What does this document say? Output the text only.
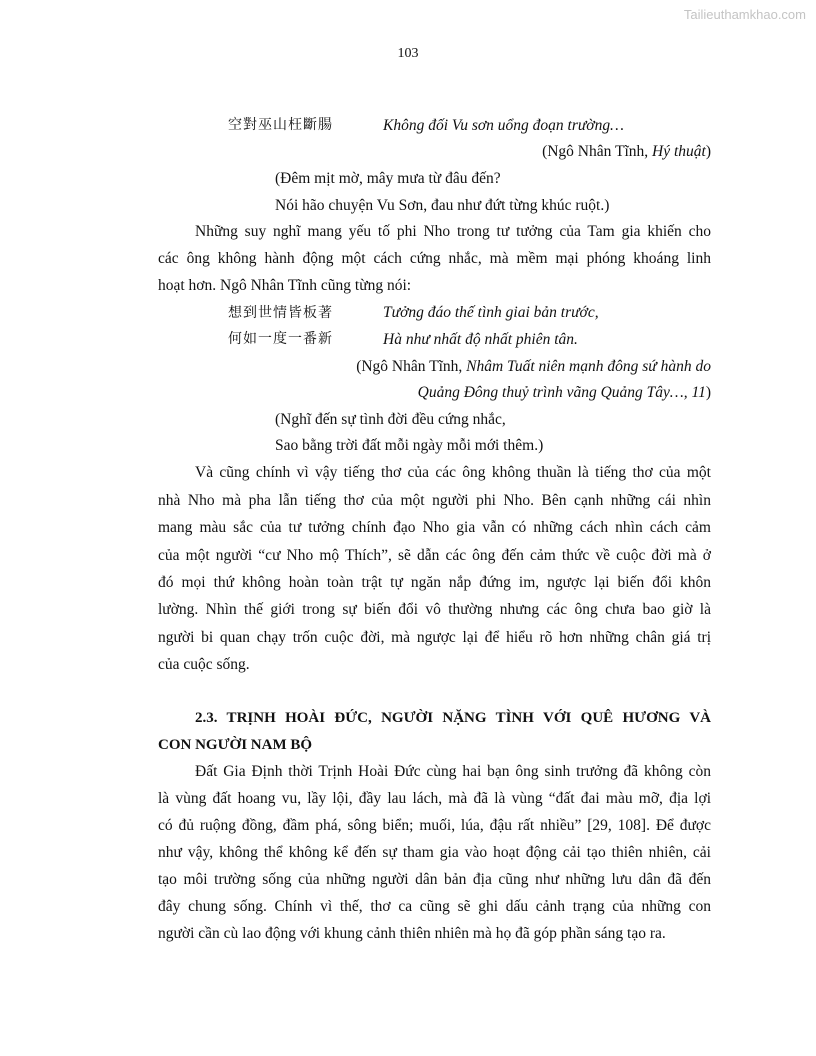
Tailieuthamkhao.com
103
空對巫山枉斷腸	Không đối Vu sơn uổng đoạn trường…
(Ngô Nhân Tĩnh, Hý thuật)
(Đêm mịt mờ, mây mưa từ đâu đến?
Nói hão chuyện Vu Sơn, đau như đứt từng khúc ruột.)
Những suy nghĩ mang yếu tố phi Nho trong tư tưởng của Tam gia khiến cho
các ông không hành động một cách cứng nhắc, mà mềm mại phóng khoáng linh
hoạt hơn. Ngô Nhân Tĩnh cũng từng nói:
想到世情皆板著	Tưởng đáo thế tình giai bản trước,
何如一度一番新	Hà như nhất độ nhất phiên tân.
(Ngô Nhân Tĩnh, Nhâm Tuất niên mạnh đông sứ hành do
Quảng Đông thuỷ trình vãng Quảng Tây…, 11)
(Nghĩ đến sự tình đời đều cứng nhắc,
Sao bằng trời đất mỗi ngày mỗi mới thêm.)
Và cũng chính vì vậy tiếng thơ của các ông không thuần là tiếng thơ của một
nhà Nho mà pha lẫn tiếng thơ của một người phi Nho. Bên cạnh những cái nhìn
mang màu sắc của tư tưởng chính đạo Nho gia vẫn có những cách nhìn cách cảm
của một người “cư Nho mộ Thích”, sẽ dẫn các ông đến cảm thức về cuộc đời mà ở
đó mọi thứ không hoàn toàn trật tự ngăn nắp đứng im, ngược lại biến đổi khôn
lường. Nhìn thế giới trong sự biến đổi vô thường nhưng các ông chưa bao giờ là
người bi quan chạy trốn cuộc đời, mà ngược lại để hiểu rõ hơn những chân giá trị
của cuộc sống.
2.3. TRỊNH HOÀI ĐỨC, NGƯỜI NẶNG TÌNH VỚI QUÊ HƯƠNG VÀ
CON NGƯỜI NAM BỘ
Đất Gia Định thời Trịnh Hoài Đức cùng hai bạn ông sinh trưởng đã không còn
là vùng đất hoang vu, lầy lội, đầy lau lách, mà đã là vùng “đất đai màu mỡ, địa lợi
có đủ ruộng đồng, đầm phá, sông biển; muối, lúa, đậu rất nhiều” [29, 108]. Để được
như vậy, không thể không kể đến sự tham gia vào hoạt động cải tạo thiên nhiên, cải
tạo môi trường sống của những người dân bản địa cũng như những lưu dân đã đến
đây chung sống. Chính vì thế, thơ ca cũng sẽ ghi dấu cảnh trạng của những con
người cần cù lao động với khung cảnh thiên nhiên mà họ đã góp phần sáng tạo ra.
